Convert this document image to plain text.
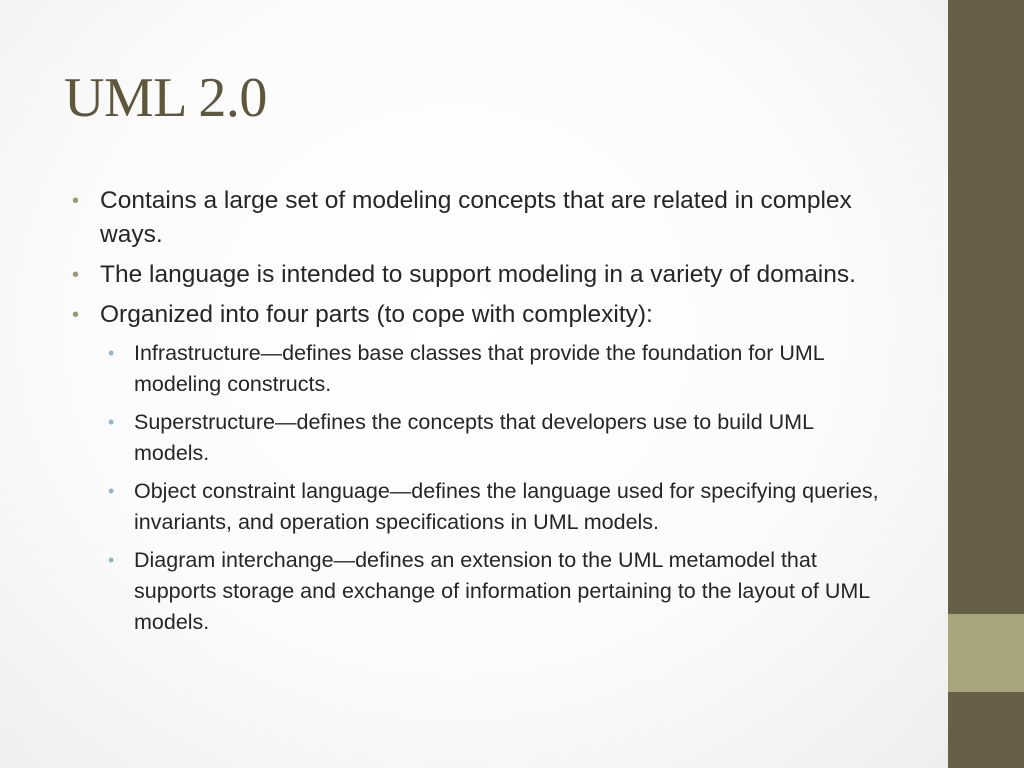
UML 2.0
• Contains a large set of modeling concepts that are related in complex ways.
• The language is intended to support modeling in a variety of domains.
• Organized into four parts (to cope with complexity):
• Infrastructure—defines base classes that provide the foundation for UML modeling constructs.
• Superstructure—defines the concepts that developers use to build UML models.
• Object constraint language—defines the language used for specifying queries, invariants, and operation specifications in UML models.
• Diagram interchange—defines an extension to the UML metamodel that supports storage and exchange of information pertaining to the layout of UML models.
